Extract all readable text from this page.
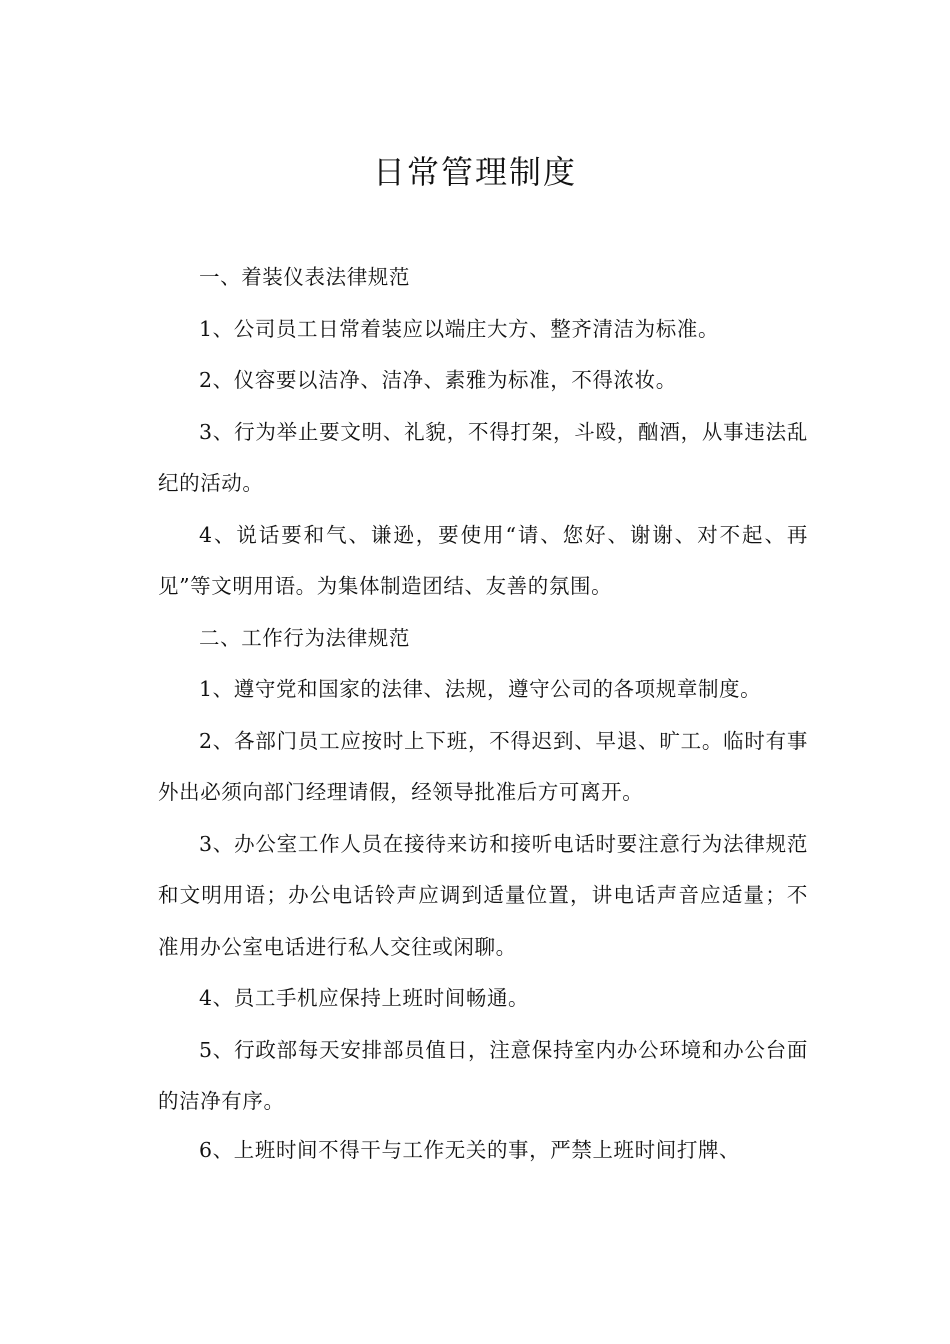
日常管理制度

一、着装仪表法律规范

1、公司员工日常着装应以端庄大方、整齐清洁为标准。

2、仪容要以洁净、洁净、素雅为标准，不得浓妆。

3、行为举止要文明、礼貌，不得打架，斗殴，酗酒，从事违法乱纪的活动。

4、说话要和气、谦逊，要使用“请、您好、谢谢、对不起、再见”等文明用语。为集体制造团结、友善的氛围。

二、工作行为法律规范

1、遵守党和国家的法律、法规，遵守公司的各项规章制度。

2、各部门员工应按时上下班，不得迟到、早退、旷工。临时有事外出必须向部门经理请假，经领导批准后方可离开。

3、办公室工作人员在接待来访和接听电话时要注意行为法律规范和文明用语；办公电话铃声应调到适量位置，讲电话声音应适量；不准用办公室电话进行私人交往或闲聊。

4、员工手机应保持上班时间畅通。

5、行政部每天安排部员值日，注意保持室内办公环境和办公台面的洁净有序。

6、上班时间不得干与工作无关的事，严禁上班时间打牌、
